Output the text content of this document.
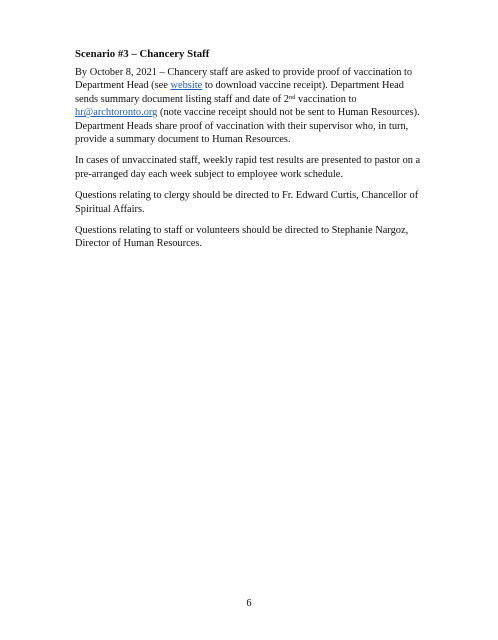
Scenario #3 – Chancery Staff

By October 8, 2021 – Chancery staff are asked to provide proof of vaccination to Department Head (see website to download vaccine receipt). Department Head sends summary document listing staff and date of 2nd vaccination to hr@archtoronto.org (note vaccine receipt should not be sent to Human Resources). Department Heads share proof of vaccination with their supervisor who, in turn, provide a summary document to Human Resources.

In cases of unvaccinated staff, weekly rapid test results are presented to pastor on a pre-arranged day each week subject to employee work schedule.

Questions relating to clergy should be directed to Fr. Edward Curtis, Chancellor of Spiritual Affairs.

Questions relating to staff or volunteers should be directed to Stephanie Nargoz, Director of Human Resources.

6
